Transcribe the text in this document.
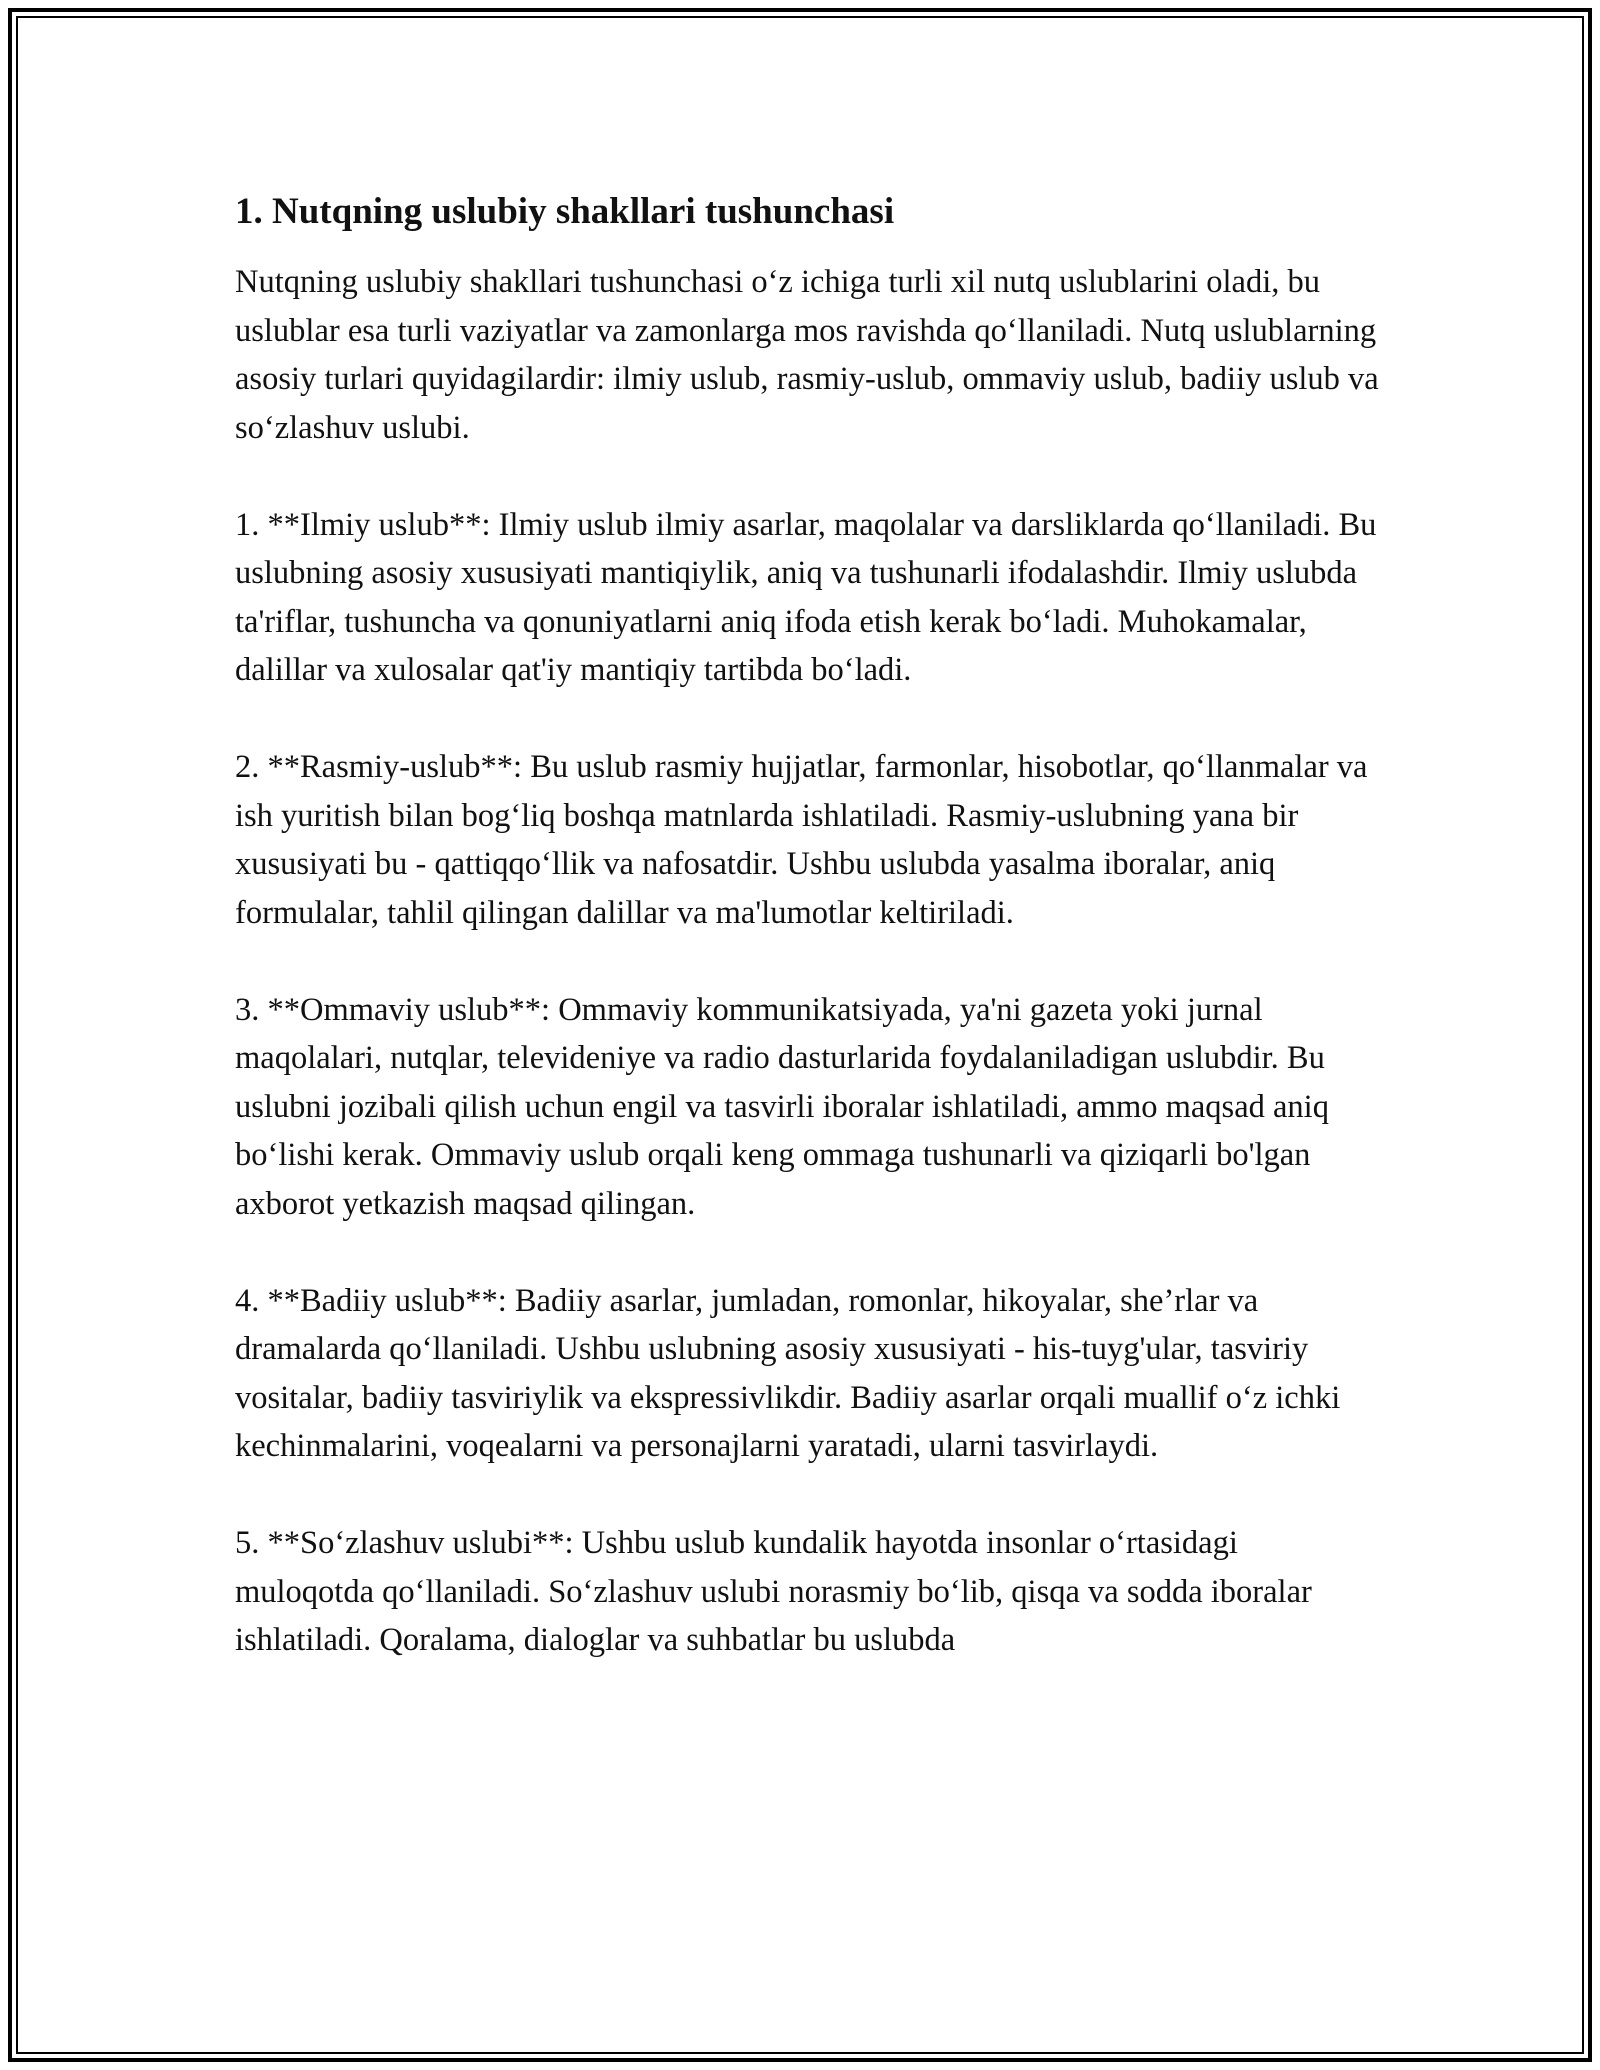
1. Nutqning uslubiy shakllari tushunchasi

Nutqning uslubiy shakllari tushunchasi o‘z ichiga turli xil nutq uslublarini oladi, bu uslublar esa turli vaziyatlar va zamonlarga mos ravishda qo‘llaniladi. Nutq uslublarning asosiy turlari quyidagilardir: ilmiy uslub, rasmiy-uslub, ommaviy uslub, badiiy uslub va so‘zlashuv uslubi.

1. **Ilmiy uslub**: Ilmiy uslub ilmiy asarlar, maqolalar va darsliklarda qo‘llaniladi. Bu uslubning asosiy xususiyati mantiqiylik, aniq va tushunarli ifodalashdir. Ilmiy uslubda ta'riflar, tushuncha va qonuniyatlarni aniq ifoda etish kerak bo‘ladi. Muhokamalar, dalillar va xulosalar qat'iy mantiqiy tartibda bo‘ladi.

2. **Rasmiy-uslub**: Bu uslub rasmiy hujjatlar, farmonlar, hisobotlar, qo‘llanmalar va ish yuritish bilan bog‘liq boshqa matnlarda ishlatiladi. Rasmiy-uslubning yana bir xususiyati bu - qattiqqo‘llik va nafosatdir. Ushbu uslubda yasalma iboralar, aniq formulalar, tahlil qilingan dalillar va ma'lumotlar keltiriladi.

3. **Ommaviy uslub**: Ommaviy kommunikatsiyada, ya'ni gazeta yoki jurnal maqolalari, nutqlar, televideniye va radio dasturlarida foydalaniladigan uslubdir. Bu uslubni jozibali qilish uchun engil va tasvirli iboralar ishlatiladi, ammo maqsad aniq bo‘lishi kerak. Ommaviy uslub orqali keng ommaga tushunarli va qiziqarli bo'lgan axborot yetkazish maqsad qilingan.

4. **Badiiy uslub**: Badiiy asarlar, jumladan, romonlar, hikoyalar, she’rlar va dramalarda qo‘llaniladi. Ushbu uslubning asosiy xususiyati - his-tuyg'ular, tasviriy vositalar, badiiy tasviriylik va ekspressivlikdir. Badiiy asarlar orqali muallif o‘z ichki kechinmalarini, voqealarni va personajlarni yaratadi, ularni tasvirlaydi.

5. **So‘zlashuv uslubi**: Ushbu uslub kundalik hayotda insonlar o‘rtasidagi muloqotda qo‘llaniladi. So‘zlashuv uslubi norasmiy bo‘lib, qisqa va sodda iboralar ishlatiladi. Qoralama, dialoglar va suhbatlar bu uslubda
